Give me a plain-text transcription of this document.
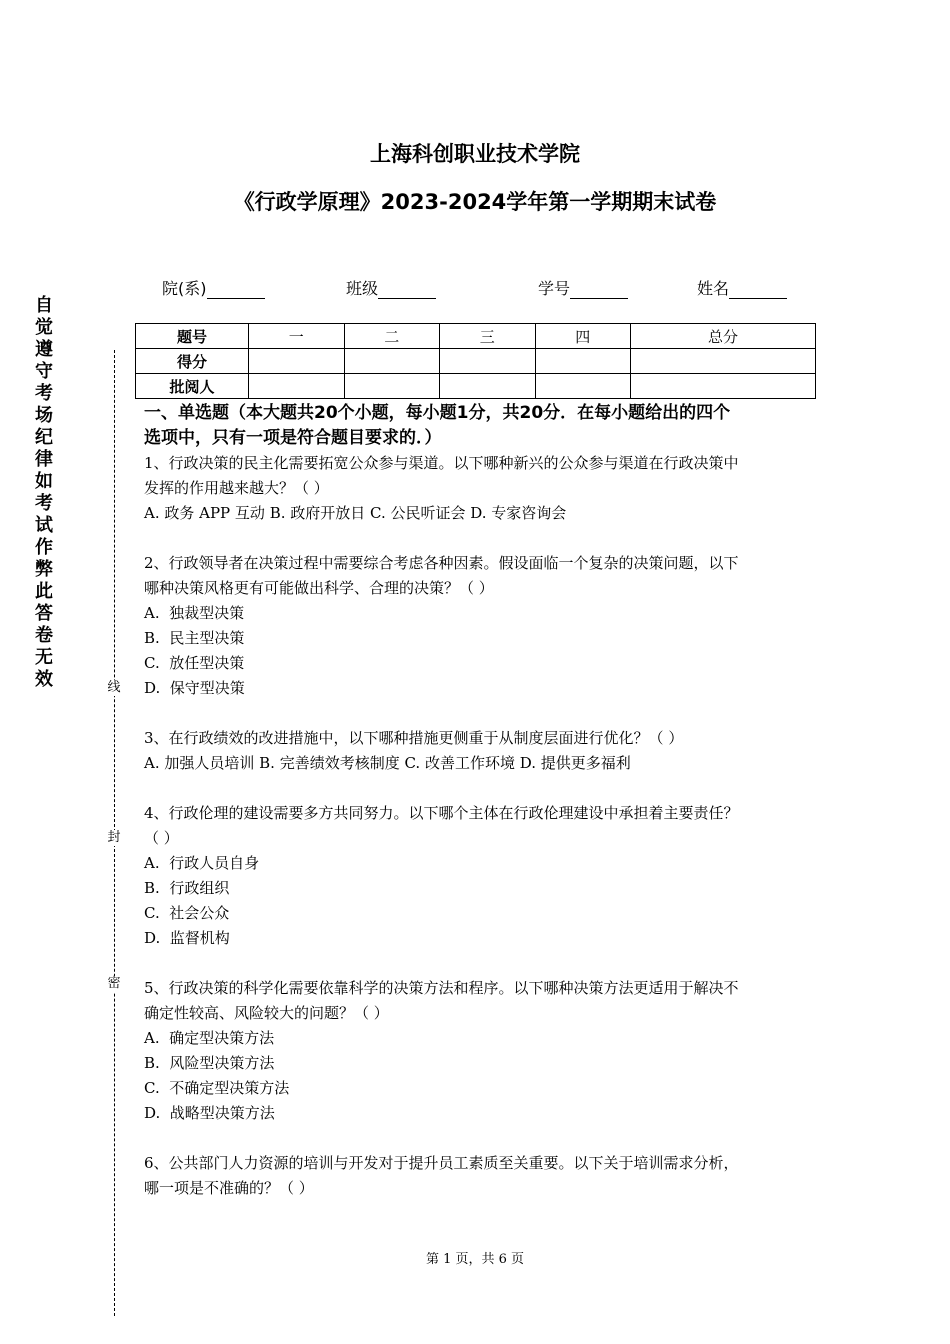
上海科创职业技术学院
《行政学原理》2023-2024学年第一学期期末试卷
院(系)	班级	学号	姓名
题号	一	二	三	四	总分
得分					
批阅人					
自
觉
遵
守
考
场
纪
律
如
考
试
作
弊
此
答
卷
无
效	线
封
密

一、单选题（本大题共20个小题，每小题1分，共20分．在每小题给出的四个

选项中，只有一项是符合题目要求的．）

1、行政决策的民主化需要拓宽公众参与渠道。以下哪种新兴的公众参与渠道在行政决策中

发挥的作用越来越大？（ ）

A. 政务 APP 互动 B. 政府开放日 C. 公民听证会 D. 专家咨询会

2、行政领导者在决策过程中需要综合考虑各种因素。假设面临一个复杂的决策问题，以下

哪种决策风格更有可能做出科学、合理的决策？（ ）

A.  独裁型决策

B.  民主型决策

C.  放任型决策

D.  保守型决策

3、在行政绩效的改进措施中，以下哪种措施更侧重于从制度层面进行优化？（ ）

A. 加强人员培训 B. 完善绩效考核制度 C. 改善工作环境 D. 提供更多福利

4、行政伦理的建设需要多方共同努力。以下哪个主体在行政伦理建设中承担着主要责任？

（ ）

A.  行政人员自身

B.  行政组织

C.  社会公众

D.  监督机构

5、行政决策的科学化需要依靠科学的决策方法和程序。以下哪种决策方法更适用于解决不

确定性较高、风险较大的问题？（ ）

A.  确定型决策方法

B.  风险型决策方法

C.  不确定型决策方法

D.  战略型决策方法

6、公共部门人力资源的培训与开发对于提升员工素质至关重要。以下关于培训需求分析，

哪一项是不准确的？（ ）

第 1 页，共 6 页
